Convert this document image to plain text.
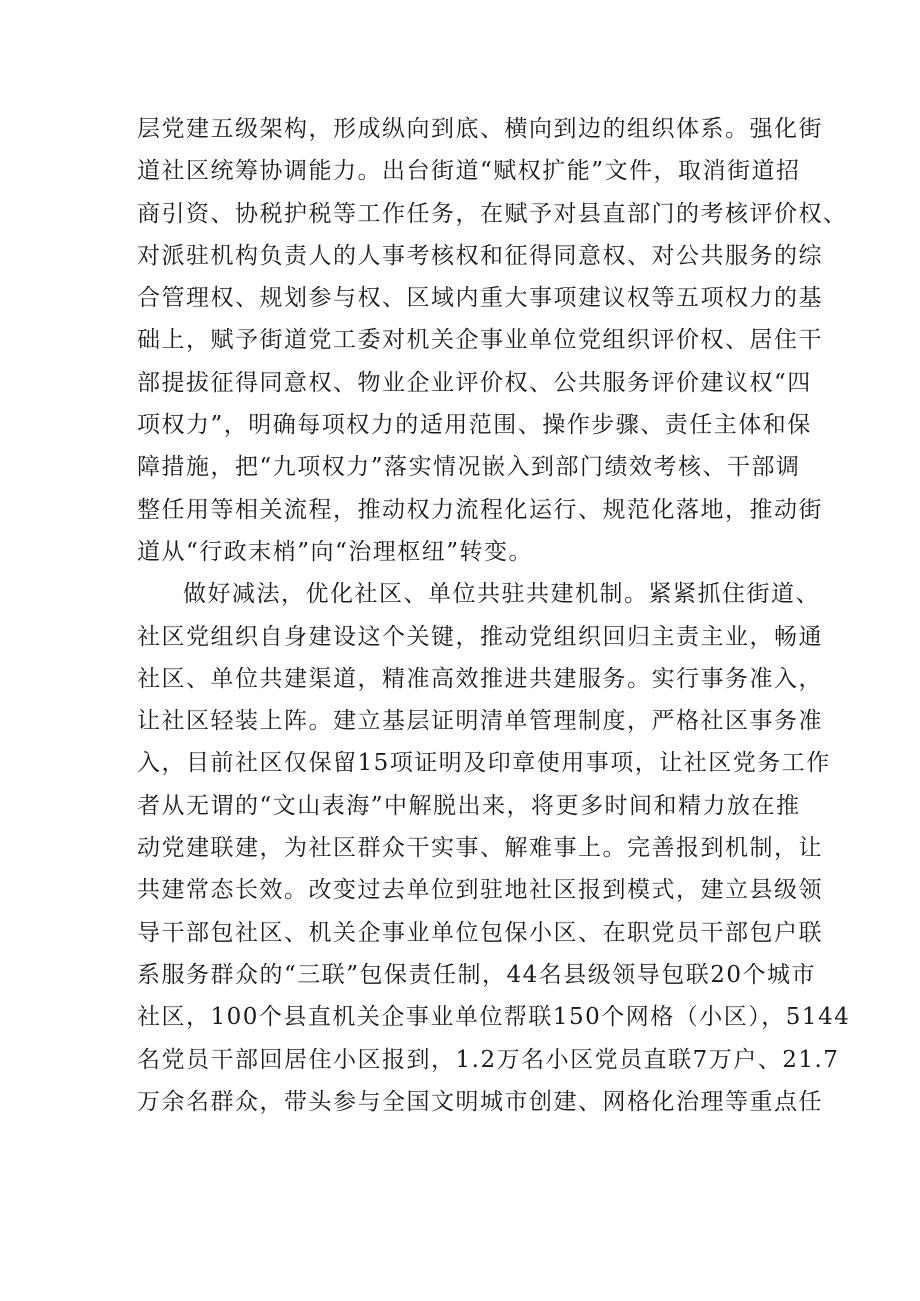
层党建五级架构，形成纵向到底、横向到边的组织体系。强化街
道社区统筹协调能力。出台街道“赋权扩能”文件，取消街道招
商引资、协税护税等工作任务，在赋予对县直部门的考核评价权、
对派驻机构负责人的人事考核权和征得同意权、对公共服务的综
合管理权、规划参与权、区域内重大事项建议权等五项权力的基
础上，赋予街道党工委对机关企事业单位党组织评价权、居住干
部提拔征得同意权、物业企业评价权、公共服务评价建议权“四
项权力”，明确每项权力的适用范围、操作步骤、责任主体和保
障措施，把“九项权力”落实情况嵌入到部门绩效考核、干部调
整任用等相关流程，推动权力流程化运行、规范化落地，推动街
道从“行政末梢”向“治理枢纽”转变。
做好减法，优化社区、单位共驻共建机制。紧紧抓住街道、
社区党组织自身建设这个关键，推动党组织回归主责主业，畅通
社区、单位共建渠道，精准高效推进共建服务。实行事务准入，
让社区轻装上阵。建立基层证明清单管理制度，严格社区事务准
入，目前社区仅保留15项证明及印章使用事项，让社区党务工作
者从无谓的“文山表海”中解脱出来，将更多时间和精力放在推
动党建联建，为社区群众干实事、解难事上。完善报到机制，让
共建常态长效。改变过去单位到驻地社区报到模式，建立县级领
导干部包社区、机关企事业单位包保小区、在职党员干部包户联
系服务群众的“三联”包保责任制，44名县级领导包联20个城市
社区，100个县直机关企事业单位帮联150个网格（小区），5144
名党员干部回居住小区报到，1.2万名小区党员直联7万户、21.7
万余名群众，带头参与全国文明城市创建、网格化治理等重点任
